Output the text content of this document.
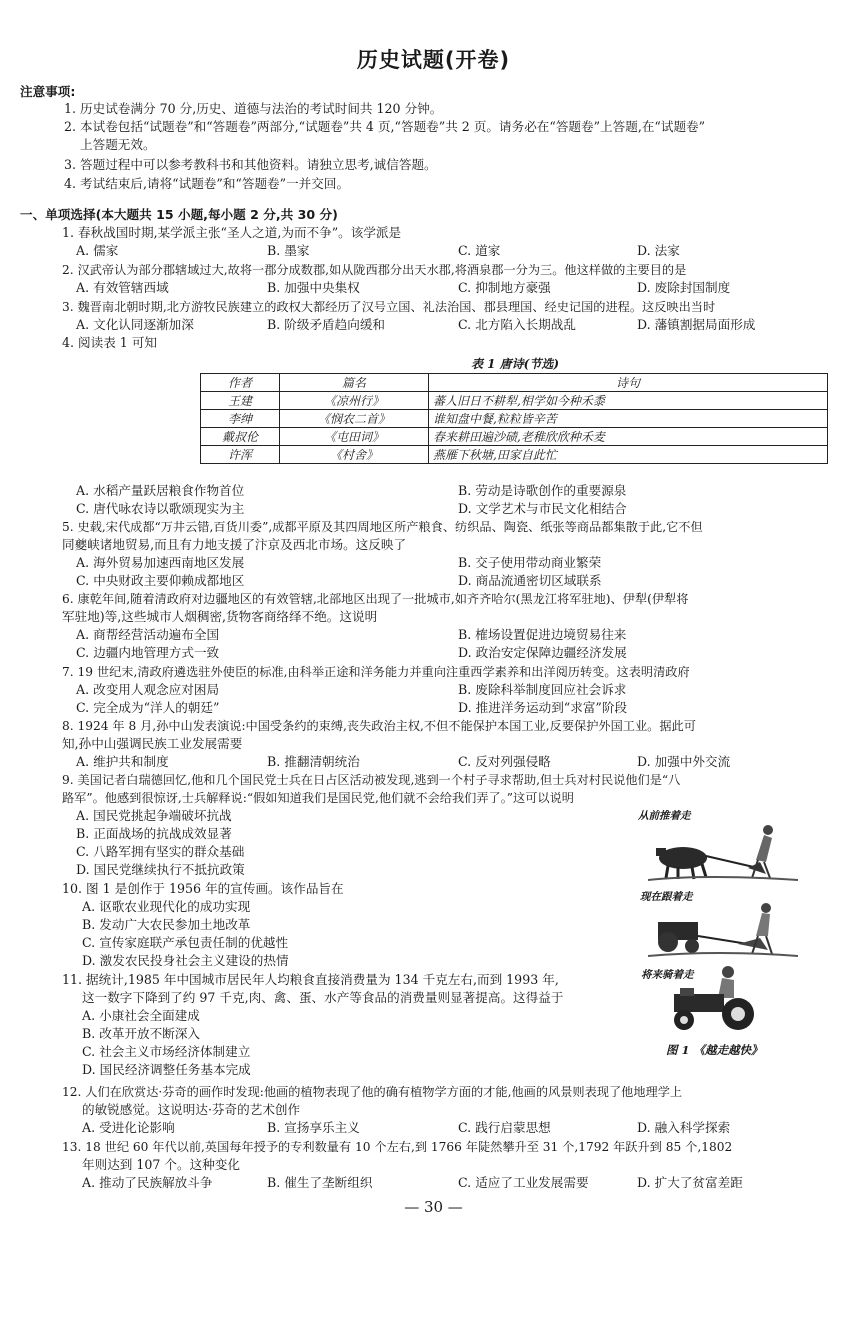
历史试题(开卷)
注意事项:
1. 历史试卷满分 70 分,历史、道德与法治的考试时间共 120 分钟。
2. 本试卷包括“试题卷”和“答题卷”两部分,“试题卷”共 4 页,“答题卷”共 2 页。请务必在“答题卷”上答题,在“试题卷”
上答题无效。
3. 答题过程中可以参考教科书和其他资料。请独立思考,诚信答题。
4. 考试结束后,请将“试题卷”和“答题卷”一并交回。
一、单项选择(本大题共 15 小题,每小题 2 分,共 30 分)
1. 春秋战国时期,某学派主张“圣人之道,为而不争”。该学派是
A. 儒家	B. 墨家	C. 道家	D. 法家
2. 汉武帝认为部分郡辖域过大,故将一郡分成数郡,如从陇西郡分出天水郡,将酒泉郡一分为三。他这样做的主要目的是
A. 有效管辖西域	B. 加强中央集权	C. 抑制地方豪强	D. 废除封国制度
3. 魏晋南北朝时期,北方游牧民族建立的政权大都经历了汉号立国、礼法治国、郡县理国、经史记国的进程。这反映出当时
A. 文化认同逐渐加深	B. 阶级矛盾趋向缓和	C. 北方陷入长期战乱	D. 藩镇割据局面形成
4. 阅读表 1 可知
表 1 唐诗(节选)
作者	篇名	诗句
王建	《凉州行》	蕃人旧日不耕犁,相学如今种禾黍
李绅	《悯农二首》	谁知盘中餐,粒粒皆辛苦
戴叔伦	《屯田词》	春来耕田遍沙碛,老稚欣欣种禾麦
许浑	《村舍》	燕雁下秋塘,田家自此忙
A. 水稻产量跃居粮食作物首位	B. 劳动是诗歌创作的重要源泉
C. 唐代咏农诗以歌颂现实为主	D. 文学艺术与市民文化相结合
5. 史载,宋代成都“万井云错,百货川委”,成都平原及其四周地区所产粮食、纺织品、陶瓷、纸张等商品都集散于此,它不但
同夔峡诸地贸易,而且有力地支援了汴京及西北市场。这反映了
A. 海外贸易加速西南地区发展	B. 交子使用带动商业繁荣
C. 中央财政主要仰赖成都地区	D. 商品流通密切区域联系
6. 康乾年间,随着清政府对边疆地区的有效管辖,北部地区出现了一批城市,如齐齐哈尔(黑龙江将军驻地)、伊犁(伊犁将
军驻地)等,这些城市人烟稠密,货物客商络绎不绝。这说明
A. 商帮经营活动遍布全国	B. 榷场设置促进边境贸易往来
C. 边疆内地管理方式一致	D. 政治安定保障边疆经济发展
7. 19 世纪末,清政府遴选驻外使臣的标准,由科举正途和洋务能力并重向注重西学素养和出洋阅历转变。这表明清政府
A. 改变用人观念应对困局	B. 废除科举制度回应社会诉求
C. 完全成为“洋人的朝廷”	D. 推进洋务运动到“求富”阶段
8. 1924 年 8 月,孙中山发表演说:中国受条约的束缚,丧失政治主权,不但不能保护本国工业,反要保护外国工业。据此可
知,孙中山强调民族工业发展需要
A. 维护共和制度	B. 推翻清朝统治	C. 反对列强侵略	D. 加强中外交流
9. 美国记者白瑞德回忆,他和几个国民党士兵在日占区活动被发现,逃到一个村子寻求帮助,但士兵对村民说他们是“八
路军”。他感到很惊讶,士兵解释说:“假如知道我们是国民党,他们就不会给我们弄了。”这可以说明
A. 国民党挑起争端破坏抗战
B. 正面战场的抗战成效显著
C. 八路军拥有坚实的群众基础
D. 国民党继续执行不抵抗政策
10. 图 1 是创作于 1956 年的宣传画。该作品旨在
A. 讴歌农业现代化的成功实现
B. 发动广大农民参加土地改革
C. 宣传家庭联产承包责任制的优越性
D. 激发农民投身社会主义建设的热情
11. 据统计,1985 年中国城市居民年人均粮食直接消费量为 134 千克左右,而到 1993 年,
这一数字下降到了约 97 千克,肉、禽、蛋、水产等食品的消费量则显著提高。这得益于
A. 小康社会全面建成
B. 改革开放不断深入
C. 社会主义市场经济体制建立
D. 国民经济调整任务基本完成
从前推着走
现在跟着走
将来骑着走
图 1 《越走越快》
12. 人们在欣赏达·芬奇的画作时发现:他画的植物表现了他的确有植物学方面的才能,他画的风景则表现了他地理学上
的敏锐感觉。这说明达·芬奇的艺术创作
A. 受进化论影响	B. 宣扬享乐主义	C. 践行启蒙思想	D. 融入科学探索
13. 18 世纪 60 年代以前,英国每年授予的专利数量有 10 个左右,到 1766 年陡然攀升至 31 个,1792 年跃升到 85 个,1802
年则达到 107 个。这种变化
A. 推动了民族解放斗争	B. 催生了垄断组织	C. 适应了工业发展需要	D. 扩大了贫富差距
— 30 —
